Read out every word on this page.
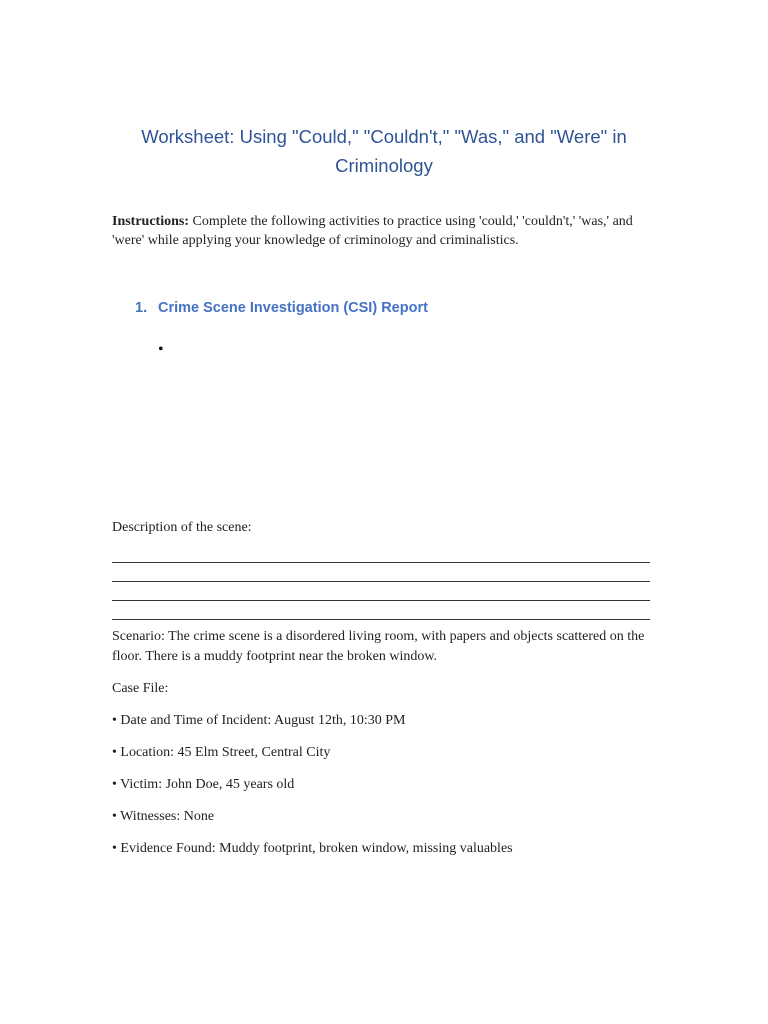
Worksheet: Using "Could," "Couldn't," "Was," and "Were" in Criminology

Instructions: Complete the following activities to practice using 'could,' 'couldn't,' 'was,' and 'were' while applying your knowledge of criminology and criminalistics.

1. Crime Scene Investigation (CSI) Report
•

Description of the scene:

Scenario: The crime scene is a disordered living room, with papers and objects scattered on the floor. There is a muddy footprint near the broken window.

Case File:

• Date and Time of Incident: August 12th, 10:30 PM
• Location: 45 Elm Street, Central City
• Victim: John Doe, 45 years old
• Witnesses: None
• Evidence Found: Muddy footprint, broken window, missing valuables
